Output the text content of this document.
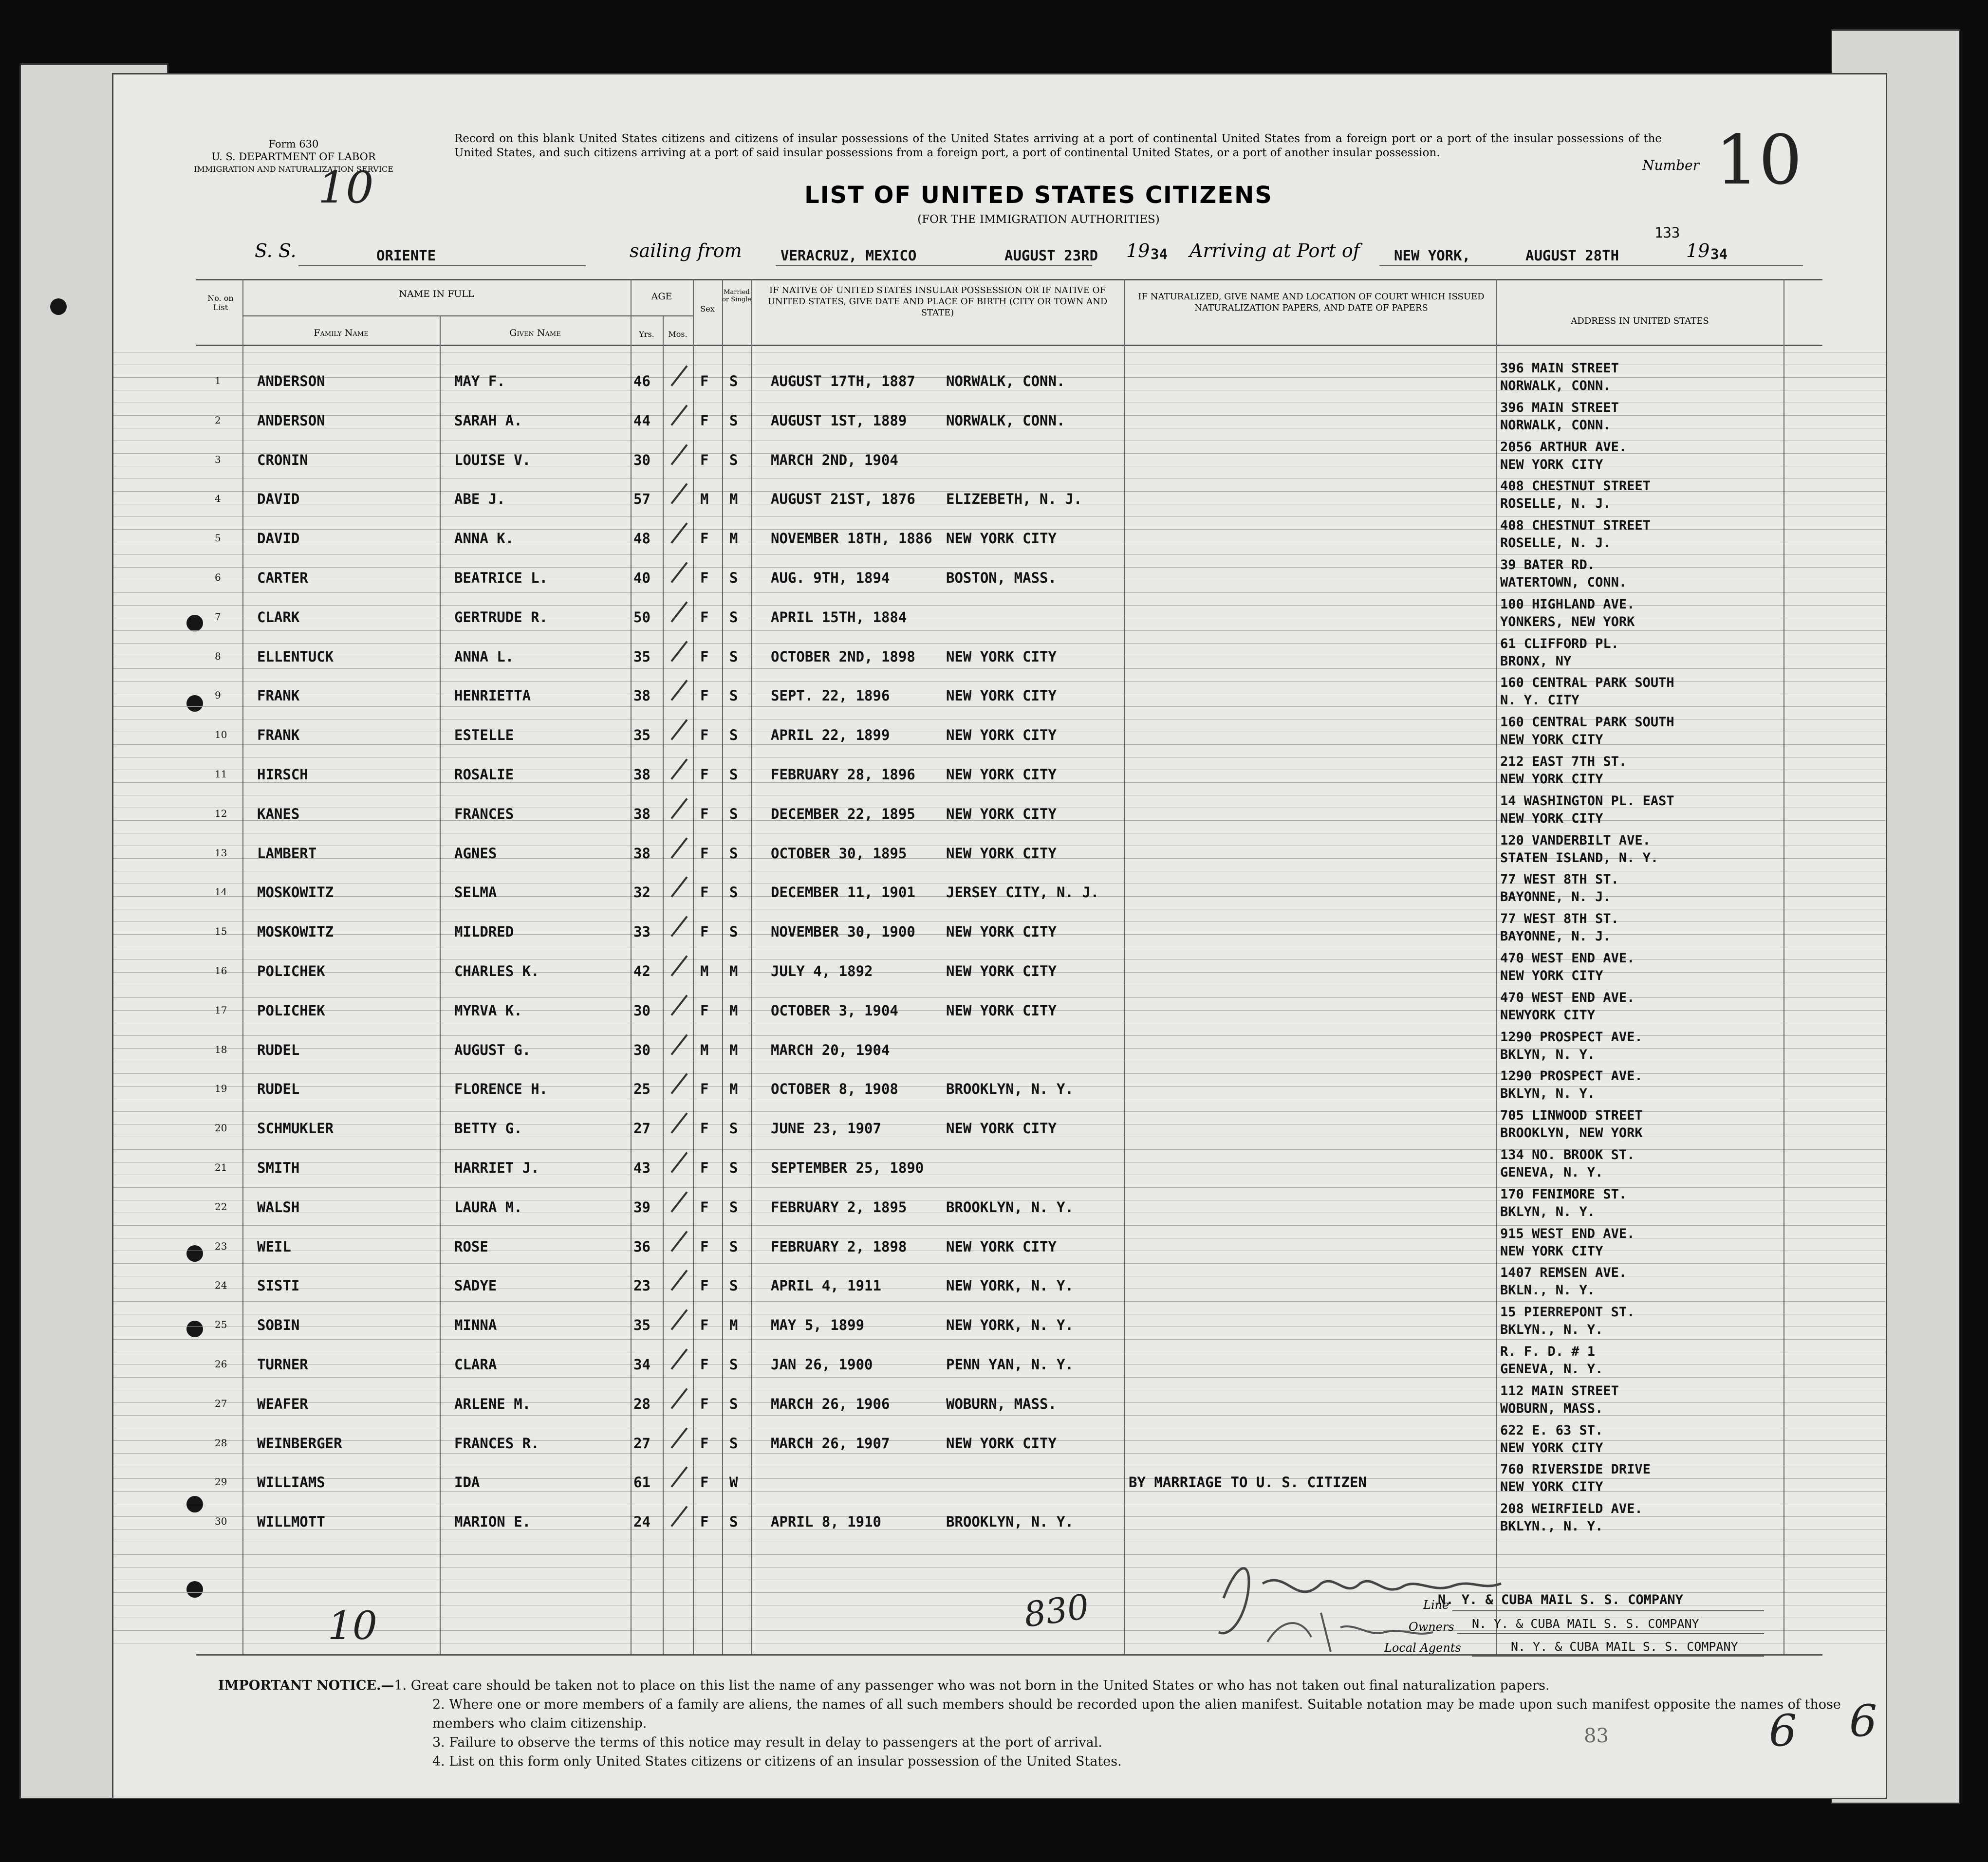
Form 630
U. S. DEPARTMENT OF LABOR
IMMIGRATION AND NATURALIZATION SERVICE
10
Record on this blank United States citizens and citizens of insular possessions of the United States arriving at a port of continental United States from a foreign port or a port of the insular possessions of the United States, and such citizens arriving at a port of said insular possessions from a foreign port, a port of continental United States, or a port of another insular possession.
LIST OF UNITED STATES CITIZENS
(FOR THE IMMIGRATION AUTHORITIES)
Number 10
S. S.	ORIENTE	sailing from	VERACRUZ, MEXICO	AUGUST 23RD 19 34 Arriving at Port of NEW YORK,	AUGUST 28TH
133
19 34
No. on List
NAME IN FULL
Family Name	Given Name
AGE
Yrs.	Mos.
Sex
Married or Single
IF NATIVE OF UNITED STATES INSULAR POSSESSION OR IF NATIVE OF UNITED STATES, GIVE DATE AND PLACE OF BIRTH (CITY OR TOWN AND STATE)
IF NATURALIZED, GIVE NAME AND LOCATION OF COURT WHICH ISSUED NATURALIZATION PAPERS, AND DATE OF PAPERS
ADDRESS IN UNITED STATES
1	ANDERSON	MAY F.	46	F S AUGUST 17TH, 1887 NORWALK, CONN.
396 MAIN STREET
NORWALK, CONN.
2	ANDERSON	SARAH A.	44	F S AUGUST 1ST, 1889	NORWALK, CONN.
396 MAIN STREET
NORWALK, CONN.
3	CRONIN	LOUISE V.	30	F S MARCH 2ND, 1904
2056 ARTHUR AVE.
NEW YORK CITY
4	DAVID	ABE J.	57	M M AUGUST 21ST, 1876 ELIZEBETH, N. J.
408 CHESTNUT STREET
ROSELLE, N. J.
5	DAVID	ANNA K.	48	F M NOVEMBER 18TH, 1886 NEW YORK CITY
408 CHESTNUT STREET
ROSELLE, N. J.
6	CARTER	BEATRICE L.	40	F S AUG. 9TH, 1894	BOSTON, MASS.
39 BATER RD.
WATERTOWN, CONN.
7	CLARK	GERTRUDE R.	50	F S APRIL 15TH, 1884
100 HIGHLAND AVE.
YONKERS, NEW YORK
8	ELLENTUCK	ANNA L.	35	F S OCTOBER 2ND, 1898 NEW YORK CITY
61 CLIFFORD PL.
BRONX, NY
9	FRANK	HENRIETTA	38	F S SEPT. 22, 1896	NEW YORK CITY
160 CENTRAL PARK SOUTH
N. Y. CITY
10 FRANK	ESTELLE	35	F S APRIL 22, 1899	NEW YORK CITY
160 CENTRAL PARK SOUTH
NEW YORK CITY
11 HIRSCH	ROSALIE	38	F S FEBRUARY 28, 1896 NEW YORK CITY
212 EAST 7TH ST.
NEW YORK CITY
12 KANES	FRANCES	38	F S DECEMBER 22, 1895 NEW YORK CITY
14 WASHINGTON PL. EAST
NEW YORK CITY
13 LAMBERT	AGNES	38	F S OCTOBER 30, 1895	NEW YORK CITY
120 VANDERBILT AVE.
STATEN ISLAND, N. Y.
14 MOSKOWITZ	SELMA	32	F S DECEMBER 11, 1901 JERSEY CITY, N. J.
77 WEST 8TH ST.
BAYONNE, N. J.
15 MOSKOWITZ	MILDRED	33	F S NOVEMBER 30, 1900 NEW YORK CITY
77 WEST 8TH ST.
BAYONNE, N. J.
16 POLICHEK	CHARLES K.	42	M M JULY 4, 1892	NEW YORK CITY
470 WEST END AVE.
NEW YORK CITY
17 POLICHEK	MYRVA K.	30	F M OCTOBER 3, 1904	NEW YORK CITY
470 WEST END AVE.
NEWYORK CITY
18 RUDEL	AUGUST G.	30	M M MARCH 20, 1904
1290 PROSPECT AVE.
BKLYN, N. Y.
19 RUDEL	FLORENCE H.	25	F M OCTOBER 8, 1908	BROOKLYN, N. Y.
1290 PROSPECT AVE.
BKLYN, N. Y.
20 SCHMUKLER	BETTY G.	27	F S JUNE 23, 1907	NEW YORK CITY
705 LINWOOD STREET
BROOKLYN, NEW YORK
21 SMITH	HARRIET J.	43	F S SEPTEMBER 25, 1890
134 NO. BROOK ST.
GENEVA, N. Y.
22 WALSH	LAURA M.	39	F S FEBRUARY 2, 1895	BROOKLYN, N. Y.
170 FENIMORE ST.
BKLYN, N. Y.
23 WEIL	ROSE	36	F S FEBRUARY 2, 1898	NEW YORK CITY
915 WEST END AVE.
NEW YORK CITY
24 SISTI	SADYE	23	F S APRIL 4, 1911	NEW YORK, N. Y.
1407 REMSEN AVE.
BKLN., N. Y.
25 SOBIN	MINNA	35	F M MAY 5, 1899	NEW YORK, N. Y.
15 PIERREPONT ST.
BKLYN., N. Y.
26 TURNER	CLARA	34	F S JAN 26, 1900	PENN YAN, N. Y.
R. F. D. # 1
GENEVA, N. Y.
27 WEAFER	ARLENE M.	28	F S MARCH 26, 1906	WOBURN, MASS.
112 MAIN STREET
WOBURN, MASS.
28 WEINBERGER	FRANCES R.	27	F S MARCH 26, 1907	NEW YORK CITY
622 E. 63 ST.
NEW YORK CITY
29 WILLIAMS	IDA	61	F W	BY MARRIAGE TO U. S. CITIZEN
760 RIVERSIDE DRIVE
NEW YORK CITY
30 WILLMOTT	MARION E.	24	F S APRIL 8, 1910	BROOKLYN, N. Y.
208 WEIRFIELD AVE.
BKLYN., N. Y.
830
10	Line
N. Y. & CUBA MAIL S. S. COMPANY
Owners N. Y. & CUBA MAIL S. S. COMPANY
Local Agents	N. Y. & CUBA MAIL S. S. COMPANY
IMPORTANT NOTICE.— 1. Great care should be taken not to place on this list the name of any passenger who was not born in the United States or who has not taken out final naturalization papers.
2. Where one or more members of a family are aliens, the names of all such members should be recorded upon the alien manifest. Suitable notation may be made upon such manifest opposite the names of those members who claim citizenship.
3. Failure to observe the terms of this notice may result in delay to passengers at the port of arrival.
4. List on this form only United States citizens or citizens of an insular possession of the United States.
83	6 6
